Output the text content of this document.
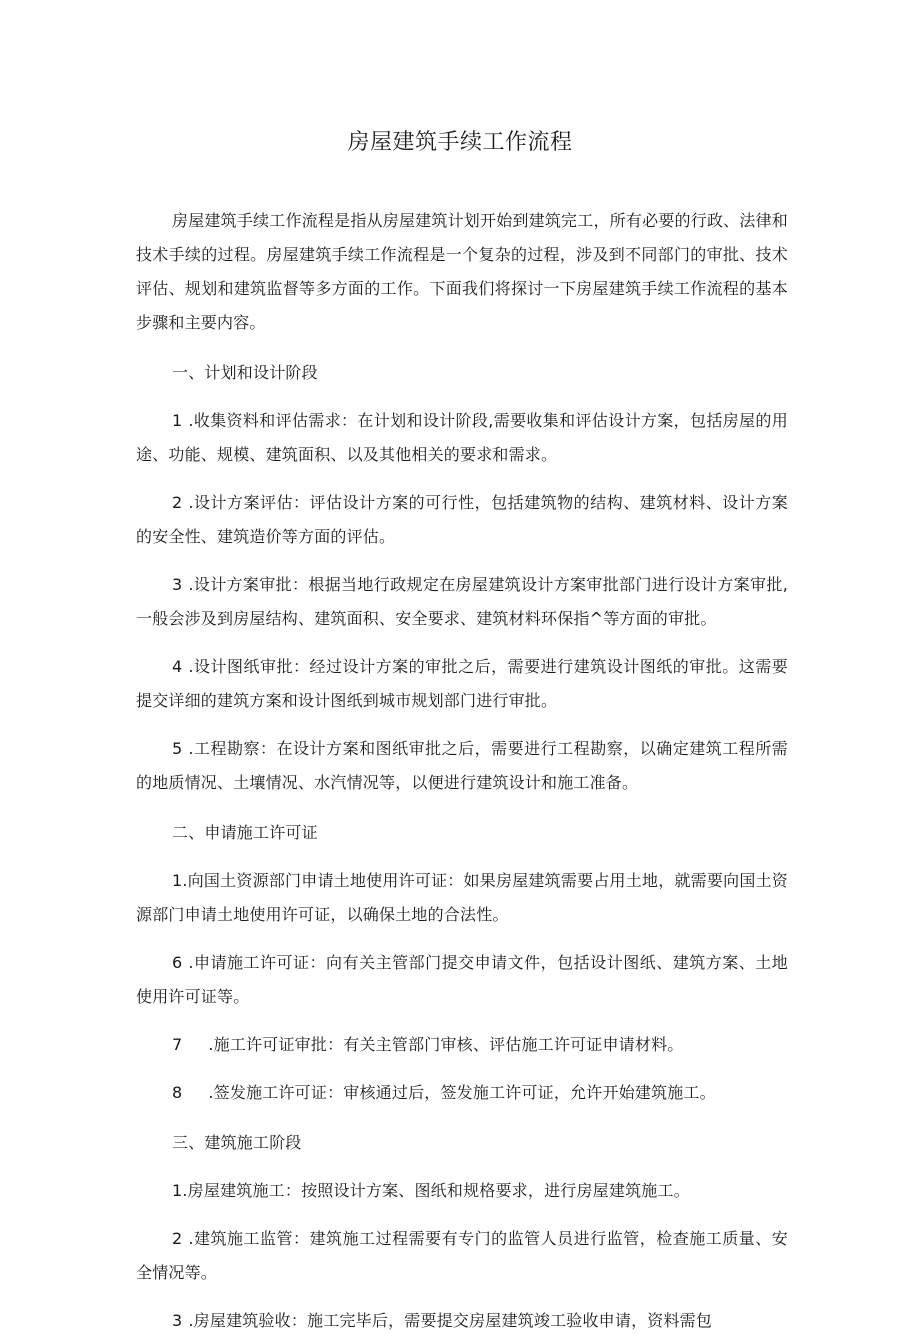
房屋建筑手续工作流程

房屋建筑手续工作流程是指从房屋建筑计划开始到建筑完工，所有必要的行政、法律和技术手续的过程。房屋建筑手续工作流程是一个复杂的过程，涉及到不同部门的审批、技术评估、规划和建筑监督等多方面的工作。下面我们将探讨一下房屋建筑手续工作流程的基本步骤和主要内容。

一、计划和设计阶段

1 .收集资料和评估需求：在计划和设计阶段,需要收集和评估设计方案，包括房屋的用途、功能、规模、建筑面积、以及其他相关的要求和需求。

2 .设计方案评估：评估设计方案的可行性，包括建筑物的结构、建筑材料、设计方案的安全性、建筑造价等方面的评估。

3 .设计方案审批：根据当地行政规定在房屋建筑设计方案审批部门进行设计方案审批,一般会涉及到房屋结构、建筑面积、安全要求、建筑材料环保指^等方面的审批。

4 .设计图纸审批：经过设计方案的审批之后，需要进行建筑设计图纸的审批。这需要提交详细的建筑方案和设计图纸到城市规划部门进行审批。

5 .工程勘察：在设计方案和图纸审批之后，需要进行工程勘察，以确定建筑工程所需的地质情况、土壤情况、水汽情况等，以便进行建筑设计和施工准备。

二、申请施工许可证

1.向国土资源部门申请土地使用许可证：如果房屋建筑需要占用土地，就需要向国土资源部门申请土地使用许可证，以确保土地的合法性。

6 .申请施工许可证：向有关主管部门提交申请文件，包括设计图纸、建筑方案、土地使用许可证等。

7 .施工许可证审批：有关主管部门审核、评估施工许可证申请材料。

8 .签发施工许可证：审核通过后，签发施工许可证，允许开始建筑施工。

三、建筑施工阶段

1.房屋建筑施工：按照设计方案、图纸和规格要求，进行房屋建筑施工。

2 .建筑施工监管：建筑施工过程需要有专门的监管人员进行监管，检查施工质量、安全情况等。

3 .房屋建筑验收：施工完毕后，需要提交房屋建筑竣工验收申请，资料需包
